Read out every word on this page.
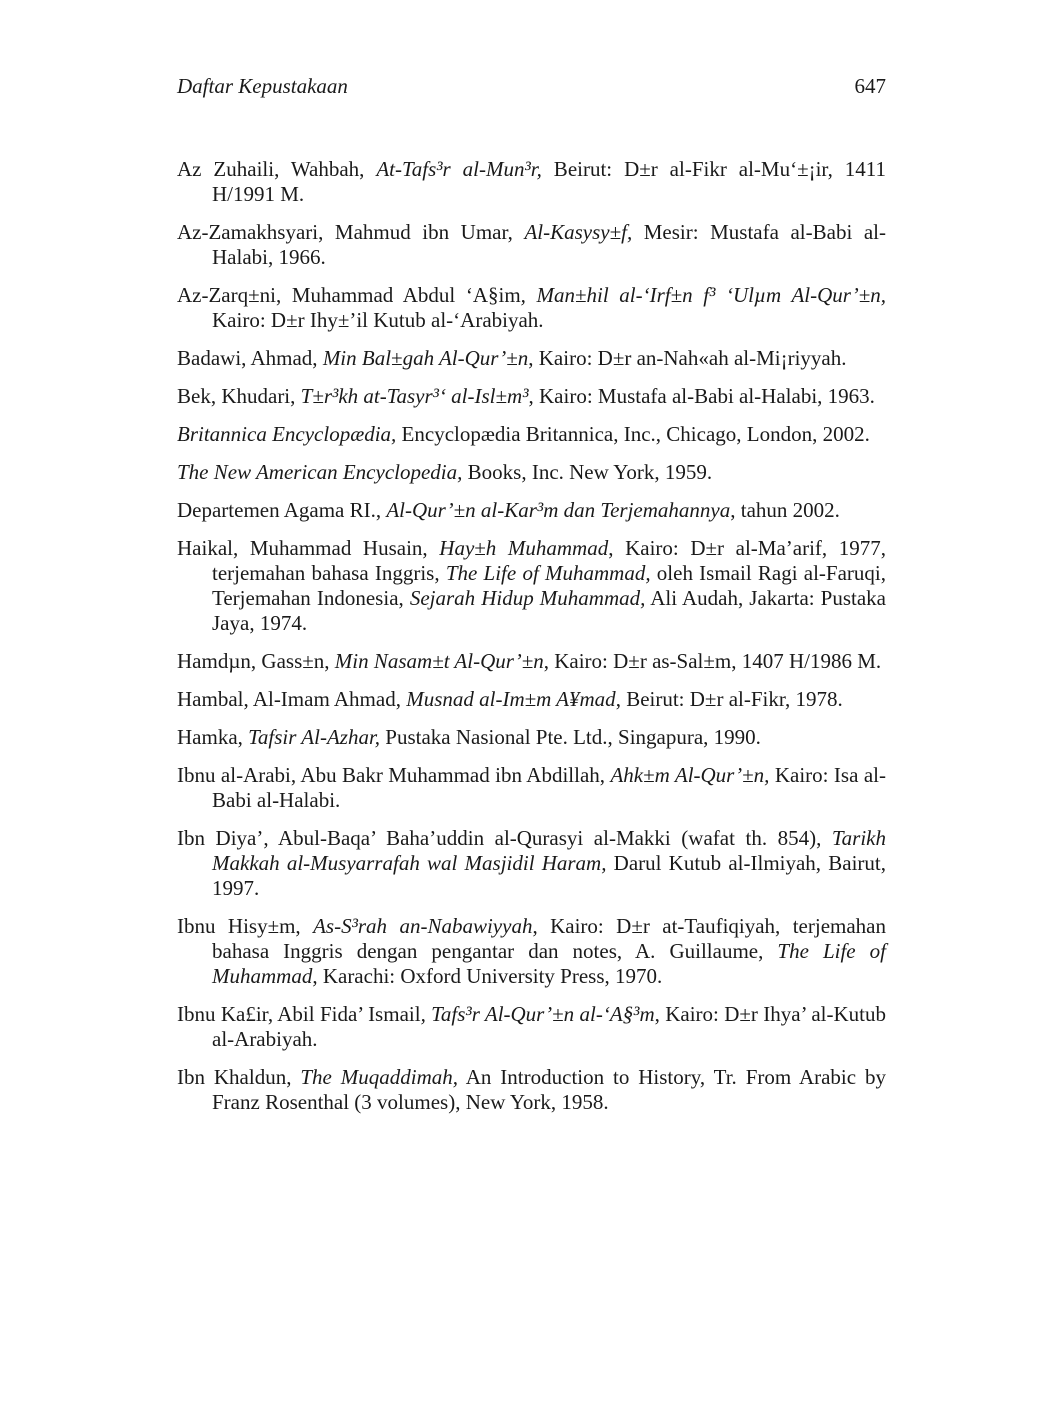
Daftar Kepustakaan	647

Az Zuhaili, Wahbah, At-Tafs³r al-Mun³r, Beirut: D±r al-Fikr al-Mu‘±¡ir, 1411 H/1991 M.

Az-Zamakhsyari, Mahmud ibn Umar, Al-Kasysy±f, Mesir: Mustafa al-Babi al-Halabi, 1966.

Az-Zarq±ni, Muhammad Abdul ‘A§im, Man±hil al-‘Irf±n f³ ‘Ulµm Al-Qur’±n, Kairo: D±r Ihy±’il Kutub al-‘Arabiyah.

Badawi, Ahmad, Min Bal±gah Al-Qur’±n, Kairo: D±r an-Nah«ah al-Mi¡riyyah.

Bek, Khudari, T±r³kh at-Tasyr³‘ al-Isl±m³, Kairo: Mustafa al-Babi al-Halabi, 1963.

Britannica Encyclopædia, Encyclopædia Britannica, Inc., Chicago, London, 2002.

The New American Encyclopedia, Books, Inc. New York, 1959.

Departemen Agama RI., Al-Qur’±n al-Kar³m dan Terjemahannya, tahun 2002.

Haikal, Muhammad Husain, Hay±h Muhammad, Kairo: D±r al-Ma’arif, 1977, terjemahan bahasa Inggris, The Life of Muhammad, oleh Ismail Ragi al-Faruqi, Terjemahan Indonesia, Sejarah Hidup Muhammad, Ali Audah, Jakarta: Pustaka Jaya, 1974.

Hamdµn, Gass±n, Min Nasam±t Al-Qur’±n, Kairo: D±r as-Sal±m, 1407 H/1986 M.

Hambal, Al-Imam Ahmad, Musnad al-Im±m A¥mad, Beirut: D±r al-Fikr, 1978.

Hamka, Tafsir Al-Azhar, Pustaka Nasional Pte. Ltd., Singapura, 1990.

Ibnu al-Arabi, Abu Bakr Muhammad ibn Abdillah, Ahk±m Al-Qur’±n, Kairo: Isa al-Babi al-Halabi.

Ibn Diya’, Abul-Baqa’ Baha’uddin al-Qurasyi al-Makki (wafat th. 854), Tarikh Makkah al-Musyarrafah wal Masjidil Haram, Darul Kutub al-Ilmiyah, Bairut, 1997.

Ibnu Hisy±m, As-S³rah an-Nabawiyyah, Kairo: D±r at-Taufiqiyah, terjemahan bahasa Inggris dengan pengantar dan notes, A. Guillaume, The Life of Muhammad, Karachi: Oxford University Press, 1970.

Ibnu Ka£ir, Abil Fida’ Ismail, Tafs³r Al-Qur’±n al-‘A§³m, Kairo: D±r Ihya’ al-Kutub al-Arabiyah.

Ibn Khaldun, The Muqaddimah, An Introduction to History, Tr. From Arabic by Franz Rosenthal (3 volumes), New York, 1958.
